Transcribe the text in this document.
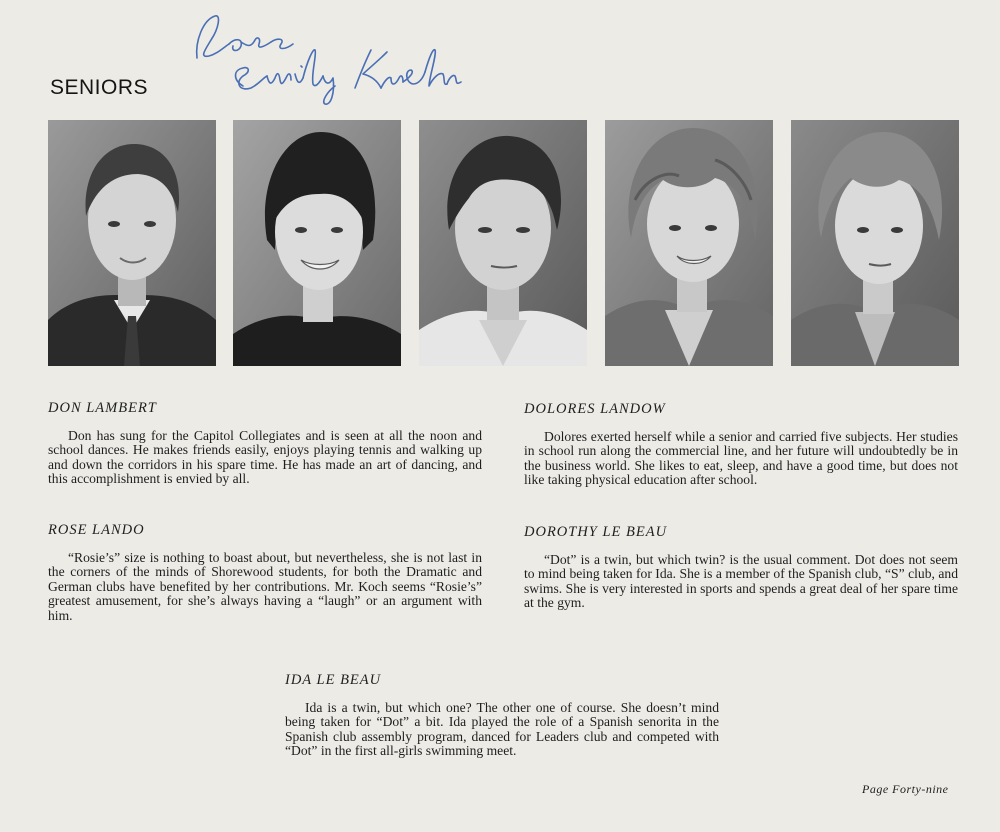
SENIORS

DON LAMBERT

Don has sung for the Capitol Collegiates and is seen at all the noon and school dances. He makes friends easily, enjoys playing tennis and walking up and down the corridors in his spare time. He has made an art of dancing, and this accomplishment is envied by all.

ROSE LANDO

“Rosie’s” size is nothing to boast about, but nevertheless, she is not last in the corners of the minds of Shorewood students, for both the Dramatic and German clubs have benefited by her contributions. Mr. Koch seems “Rosie’s” greatest amusement, for she’s always having a “laugh” or an argument with him.

DOLORES LANDOW

Dolores exerted herself while a senior and carried five subjects. Her studies in school run along the commercial line, and her future will undoubtedly be in the business world. She likes to eat, sleep, and have a good time, but does not like taking physical education after school.

DOROTHY LE BEAU

“Dot” is a twin, but which twin? is the usual comment. Dot does not seem to mind being taken for Ida. She is a member of the Spanish club, “S” club, and swims. She is very interested in sports and spends a great deal of her spare time at the gym.

IDA LE BEAU

Ida is a twin, but which one? The other one of course. She doesn’t mind being taken for “Dot” a bit. Ida played the role of a Spanish senorita in the Spanish club assembly program, danced for Leaders club and competed with “Dot” in the first all-girls swimming meet.

Page Forty-nine
